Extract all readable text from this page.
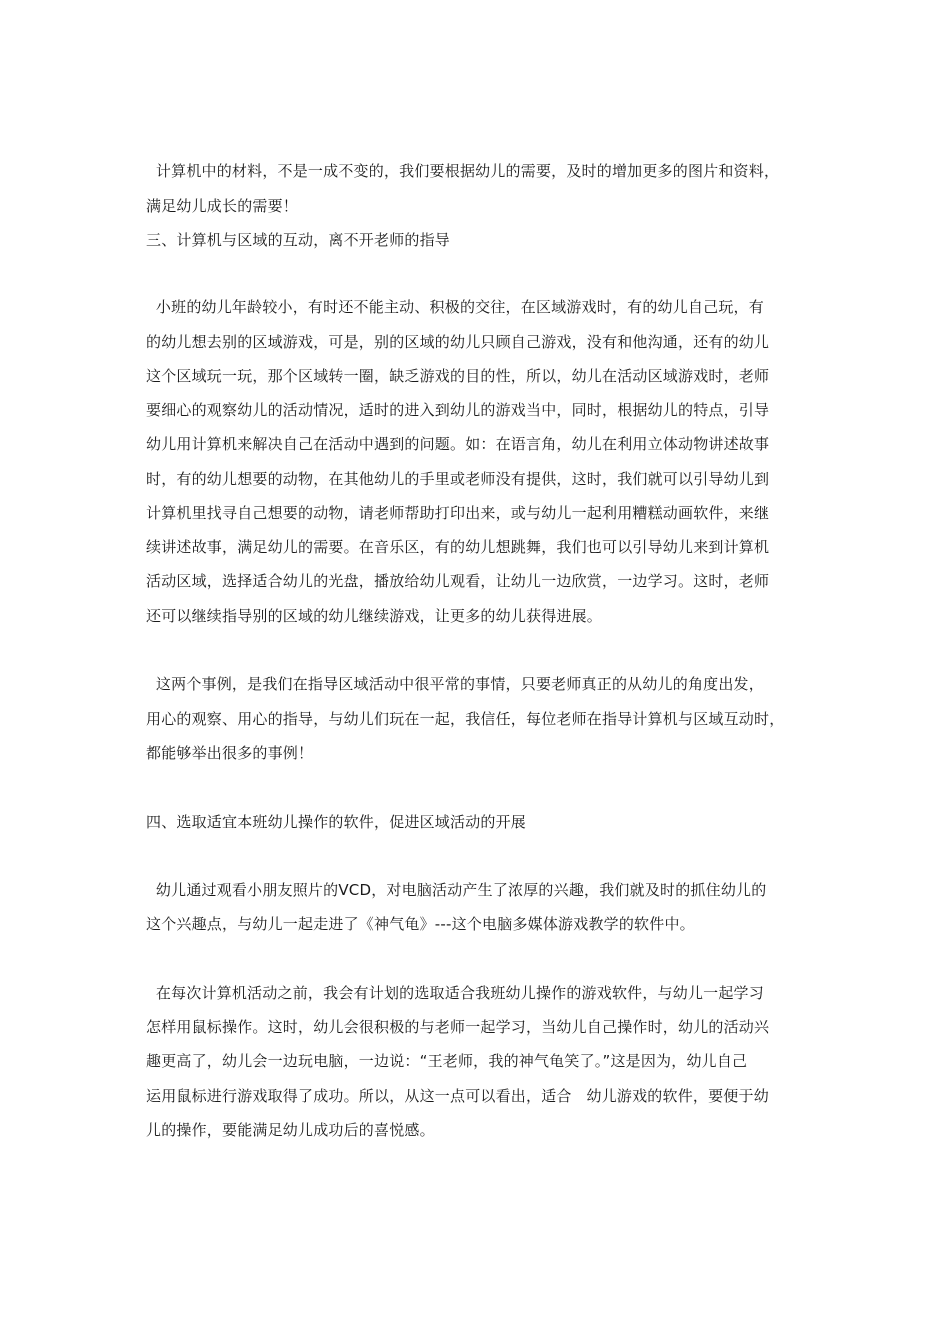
计算机中的材料，不是一成不变的，我们要根据幼儿的需要，及时的增加更多的图片和资料，
满足幼儿成长的需要！
三、计算机与区域的互动，离不开老师的指导
小班的幼儿年龄较小，有时还不能主动、积极的交往，在区域游戏时，有的幼儿自己玩，有
的幼儿想去别的区域游戏，可是，别的区域的幼儿只顾自己游戏，没有和他沟通，还有的幼儿
这个区域玩一玩，那个区域转一圈，缺乏游戏的目的性，所以，幼儿在活动区域游戏时，老师
要细心的观察幼儿的活动情况，适时的进入到幼儿的游戏当中，同时，根据幼儿的特点，引导
幼儿用计算机来解决自己在活动中遇到的问题。如：在语言角，幼儿在利用立体动物讲述故事
时，有的幼儿想要的动物，在其他幼儿的手里或老师没有提供，这时，我们就可以引导幼儿到
计算机里找寻自己想要的动物，请老师帮助打印出来，或与幼儿一起利用糟糕动画软件，来继
续讲述故事，满足幼儿的需要。在音乐区，有的幼儿想跳舞，我们也可以引导幼儿来到计算机
活动区域，选择适合幼儿的光盘，播放给幼儿观看，让幼儿一边欣赏，一边学习。这时，老师
还可以继续指导别的区域的幼儿继续游戏，让更多的幼儿获得进展。
这两个事例，是我们在指导区域活动中很平常的事情，只要老师真正的从幼儿的角度出发，
用心的观察、用心的指导，与幼儿们玩在一起，我信任，每位老师在指导计算机与区域互动时，
都能够举出很多的事例！
四、选取适宜本班幼儿操作的软件，促进区域活动的开展
幼儿通过观看小朋友照片的VCD，对电脑活动产生了浓厚的兴趣，我们就及时的抓住幼儿的
这个兴趣点，与幼儿一起走进了《神气龟》---这个电脑多媒体游戏教学的软件中。
在每次计算机活动之前，我会有计划的选取适合我班幼儿操作的游戏软件，与幼儿一起学习
怎样用鼠标操作。这时，幼儿会很积极的与老师一起学习，当幼儿自己操作时，幼儿的活动兴
趣更高了，幼儿会一边玩电脑，一边说：“王老师，我的神气龟笑了。”这是因为，幼儿自己
运用鼠标进行游戏取得了成功。所以，从这一点可以看出，适合   幼儿游戏的软件，要便于幼
儿的操作，要能满足幼儿成功后的喜悦感。
